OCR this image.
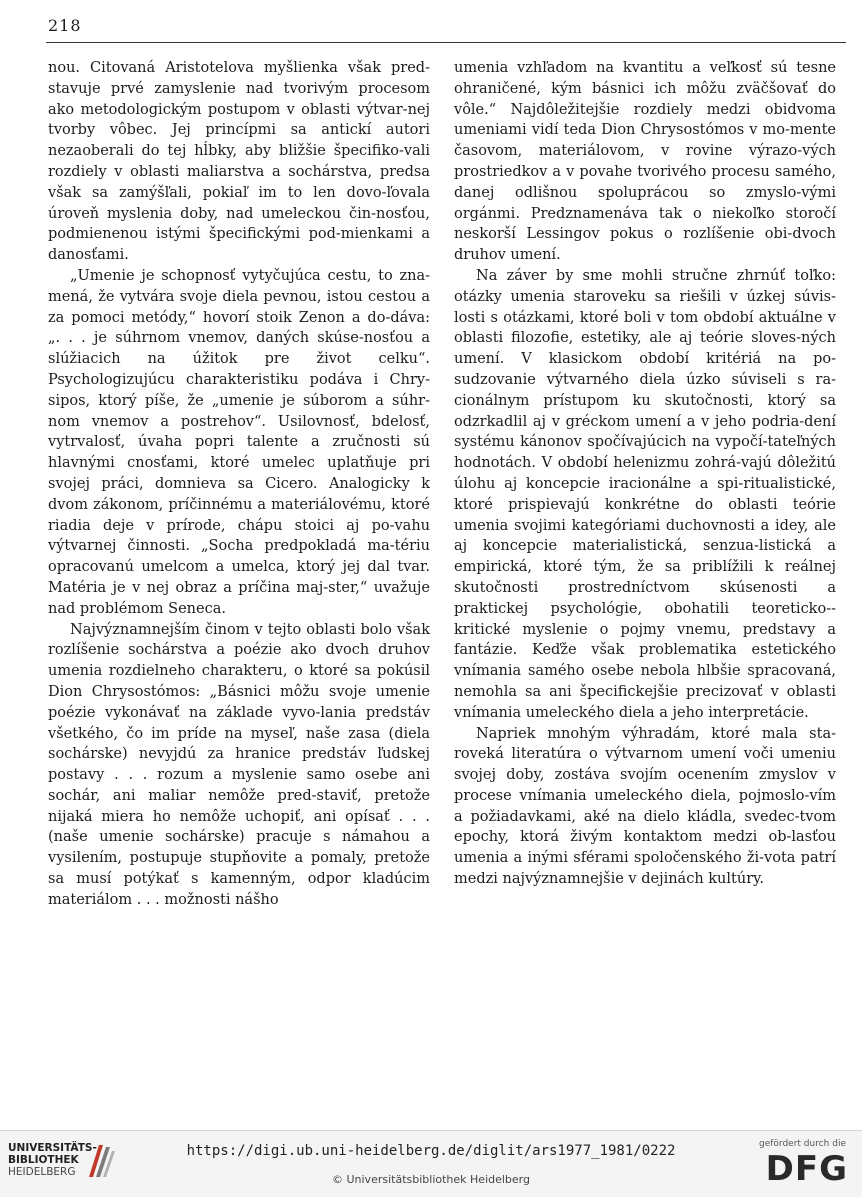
218

nou. Citovaná Aristotelova myšlienka však pred-stavuje prvé zamyslenie nad tvorivým procesom ako metodologickým postupom v oblasti výtvar-nej tvorby vôbec. Jej princípmi sa antickí autori nezaoberali do tej hĺbky, aby bližšie špecifiko-vali rozdiely v oblasti maliarstva a sochárstva, predsa však sa zamýšľali, pokiaľ im to len dovo-ľovala úroveň myslenia doby, nad umeleckou čin-nosťou, podmienenou istými špecifickými pod-mienkami a danosťami.

„Umenie je schopnosť vytyčujúca cestu, to zna-mená, že vytvára svoje diela pevnou, istou cestou a za pomoci metódy,“ hovorí stoik Zenon a do-dáva: „. . . je súhrnom vnemov, daných skúse-nosťou a slúžiacich na úžitok pre život celku“. Psychologizujúcu charakteristiku podáva i Chry-sipos, ktorý píše, že „umenie je súborom a súhr-nom vnemov a postrehov“. Usilovnosť, bdelosť, vytrvalosť, úvaha popri talente a zručnosti sú hlavnými cnosťami, ktoré umelec uplatňuje pri svojej práci, domnieva sa Cicero. Analogicky k dvom zákonom, príčinnému a materiálovému, ktoré riadia deje v prírode, chápu stoici aj po-vahu výtvarnej činnosti. „Socha predpokladá ma-tériu opracovanú umelcom a umelca, ktorý jej dal tvar. Matéria je v nej obraz a príčina maj-ster,“ uvažuje nad problémom Seneca.

Najvýznamnejším činom v tejto oblasti bolo však rozlíšenie sochárstva a poézie ako dvoch druhov umenia rozdielneho charakteru, o ktoré sa pokúsil Dion Chrysostómos: „Básnici môžu svoje umenie poézie vykonávať na základe vyvo-lania predstáv všetkého, čo im príde na myseľ, naše zasa (diela sochárske) nevyjdú za hranice predstáv ľudskej postavy . . . rozum a myslenie samo osebe ani sochár, ani maliar nemôže pred-staviť, pretože nijaká miera ho nemôže uchopiť, ani opísať . . . (naše umenie sochárske) pracuje s námahou a vysilením, postupuje stupňovite a pomaly, pretože sa musí potýkať s kamenným, odpor kladúcim materiálom . . . možnosti nášho

umenia vzhľadom na kvantitu a veľkosť sú tesne ohraničené, kým básnici ich môžu zväčšovať do vôle.“ Najdôležitejšie rozdiely medzi obidvoma umeniami vidí teda Dion Chrysostómos v mo-mente časovom, materiálovom, v rovine výrazo-vých prostriedkov a v povahe tvorivého procesu samého, danej odlišnou spoluprácou so zmyslo-vými orgánmi. Predznamenáva tak o niekoľko storočí neskorší Lessingov pokus o rozlíšenie obi-dvoch druhov umení.

Na záver by sme mohli stručne zhrnúť toľko: otázky umenia staroveku sa riešili v úzkej súvis-losti s otázkami, ktoré boli v tom období aktuálne v oblasti filozofie, estetiky, ale aj teórie sloves-ných umení. V klasickom období kritériá na po-sudzovanie výtvarného diela úzko súviseli s ra-cionálnym prístupom ku skutočnosti, ktorý sa odzrkadlil aj v gréckom umení a v jeho podria-dení systému kánonov spočívajúcich na vypočí-tateľných hodnotách. V období helenizmu zohrá-vajú dôležitú úlohu aj koncepcie iracionálne a spi-ritualistické, ktoré prispievajú konkrétne do oblasti teórie umenia svojimi kategóriami duchovnosti a idey, ale aj koncepcie materialistická, senzua-listická a empirická, ktoré tým, že sa priblížili k reálnej skutočnosti prostredníctvom skúsenosti a praktickej psychológie, obohatili teoreticko--kritické myslenie o pojmy vnemu, predstavy a fantázie. Keďže však problematika estetického vnímania samého osebe nebola hlbšie spracovaná, nemohla sa ani špecifickejšie precizovať v oblasti vnímania umeleckého diela a jeho interpretácie.

Napriek mnohým výhradám, ktoré mala sta-roveká literatúra o výtvarnom umení voči umeniu svojej doby, zostáva svojím ocenením zmyslov v procese vnímania umeleckého diela, pojmoslo-vím a požiadavkami, aké na dielo kládla, svedec-tvom epochy, ktorá živým kontaktom medzi ob-lasťou umenia a inými sférami spoločenského ži-vota patrí medzi najvýznamnejšie v dejinách kultúry.

UNIVERSITÄTS-
BIBLIOTHEK
HEIDELBERG
https://digi.ub.uni-heidelberg.de/diglit/ars1977_1981/0222
© Universitätsbibliothek Heidelberg
gefördert durch die
DFG
